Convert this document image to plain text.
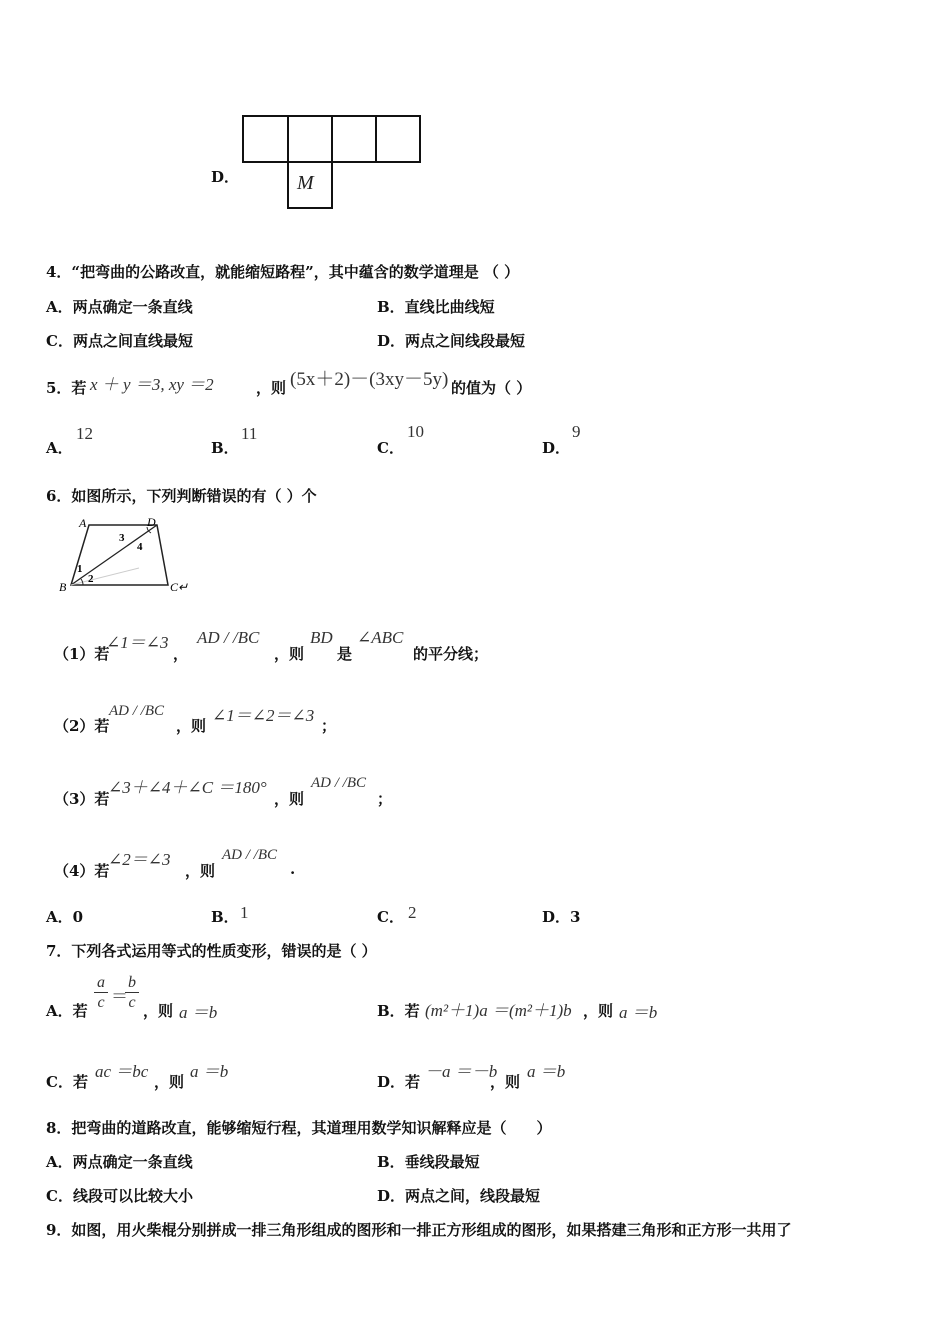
D．	M
4．“把弯曲的公路改直，就能缩短路程”，其中蕴含的数学道理是 （ ）
A．两点确定一条直线	B．直线比曲线短
C．两点之间直线最短	D．两点之间线段最短
5．若 x ＋ y ＝3, xy ＝2	，则 (5x＋2)－(3xy－5y) 的值为（ ）
A．
12
B．
11
C．
10
D．
9
6．如图所示，下列判断错误的有（ ）个
A	D
B	C↵
1
2
3
4
（1）若
∠1＝∠3
，
AD / /BC
，则
BD
是
∠ABC
的平分线；
（2）若
AD / /BC
，则
∠1＝∠2＝∠3
；
（3）若
∠3＋∠4＋∠C ＝180°
，则
AD / /BC
；
（4）若
∠2＝∠3
，则
AD / /BC
.
A．0	B． 1	C． 2	D．3
7．下列各式运用等式的性质变形，错误的是（ ）
A．若 $\frac{a}{c}$ ＝
$\frac{b}{c}$ ，则 a ＝b	B．若 (m²＋1)a ＝(m²＋1)b ，则 a ＝b
C．若
ac ＝bc
，则
a ＝b
D．若
－a ＝－b
，则
a ＝b
8．把弯曲的道路改直，能够缩短行程，其道理用数学知识解释应是（　　）
A．两点确定一条直线	B．垂线段最短
C．线段可以比较大小	D．两点之间，线段最短
9．如图，用火柴棍分别拼成一排三角形组成的图形和一排正方形组成的图形，如果搭建三角形和正方形一共用了
